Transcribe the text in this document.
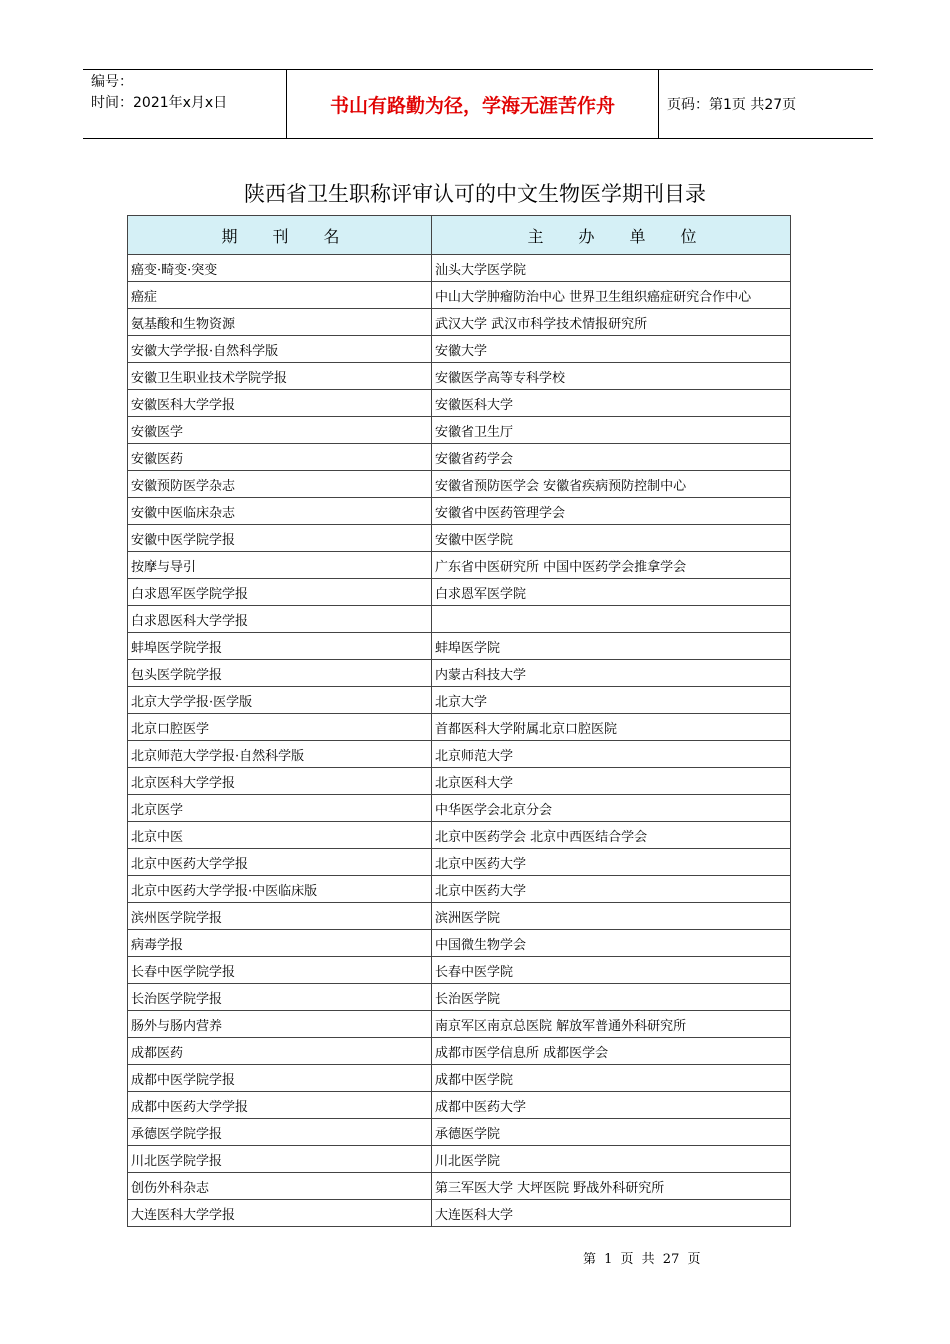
编号：
时间：2021年x月x日	书山有路勤为径，学海无涯苦作舟	页码：第1页 共27页
陕西省卫生职称评审认可的中文生物医学期刊目录
期　　刊　　名	主　　办　　单　　位
癌变·畸变·突变	汕头大学医学院
癌症	中山大学肿瘤防治中心 世界卫生组织癌症研究合作中心
氨基酸和生物资源	武汉大学 武汉市科学技术情报研究所
安徽大学学报·自然科学版	安徽大学
安徽卫生职业技术学院学报	安徽医学高等专科学校
安徽医科大学学报	安徽医科大学
安徽医学	安徽省卫生厅
安徽医药	安徽省药学会
安徽预防医学杂志	安徽省预防医学会 安徽省疾病预防控制中心
安徽中医临床杂志	安徽省中医药管理学会
安徽中医学院学报	安徽中医学院
按摩与导引	广东省中医研究所 中国中医药学会推拿学会
白求恩军医学院学报	白求恩军医学院
白求恩医科大学学报	
蚌埠医学院学报	蚌埠医学院
包头医学院学报	内蒙古科技大学
北京大学学报·医学版	北京大学
北京口腔医学	首都医科大学附属北京口腔医院
北京师范大学学报·自然科学版	北京师范大学
北京医科大学学报	北京医科大学
北京医学	中华医学会北京分会
北京中医	北京中医药学会 北京中西医结合学会
北京中医药大学学报	北京中医药大学
北京中医药大学学报·中医临床版	北京中医药大学
滨州医学院学报	滨洲医学院
病毒学报	中国微生物学会
长春中医学院学报	长春中医学院
长治医学院学报	长治医学院
肠外与肠内营养	南京军区南京总医院 解放军普通外科研究所
成都医药	成都市医学信息所 成都医学会
成都中医学院学报	成都中医学院
成都中医药大学学报	成都中医药大学
承德医学院学报	承德医学院
川北医学院学报	川北医学院
创伤外科杂志	第三军医大学 大坪医院 野战外科研究所
大连医科大学学报	大连医科大学
第 1 页 共 27 页
